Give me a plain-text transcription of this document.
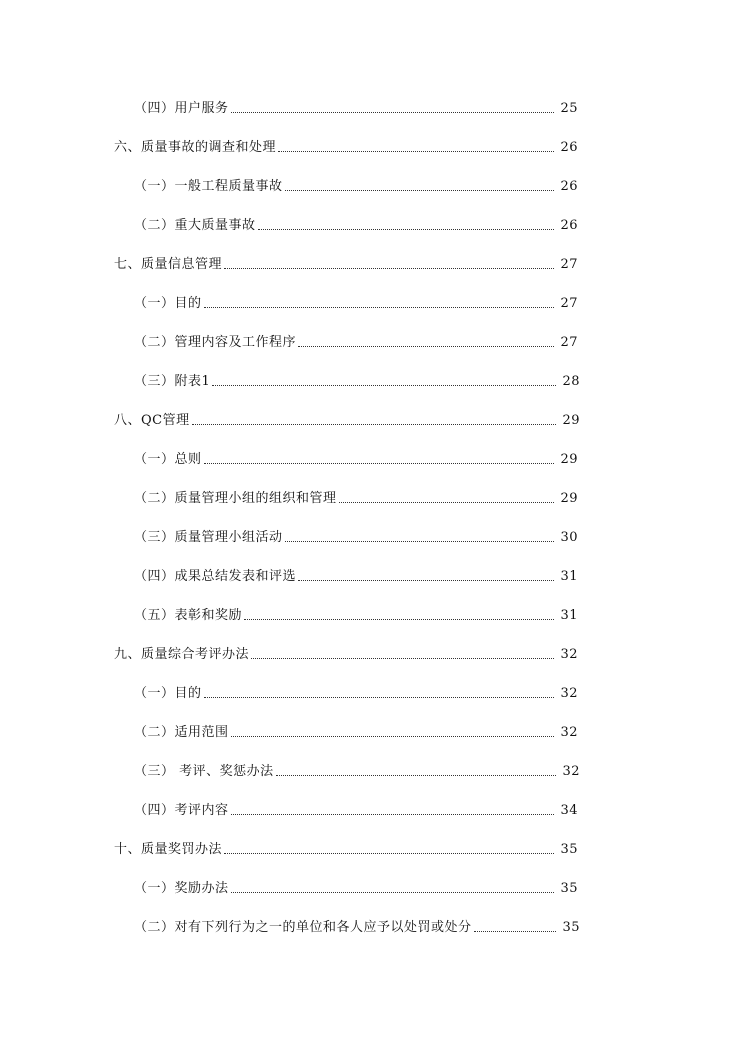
（四）用户服务	25
六、质量事故的调查和处理	26
（一）一般工程质量事故	26
（二）重大质量事故	26
七、质量信息管理	27
（一）目的	27
（二）管理内容及工作程序	27
（三）附表1	28
八、QC管理	29
（一）总则	29
（二）质量管理小组的组织和管理	29
（三）质量管理小组活动	30
（四）成果总结发表和评选	31
（五）表彰和奖励	31
九、质量综合考评办法	32
（一）目的	32
（二）适用范围	32
（三） 考评、奖惩办法	32
（四）考评内容	34
十、质量奖罚办法	35
（一）奖励办法	35
（二）对有下列行为之一的单位和各人应予以处罚或处分	35
